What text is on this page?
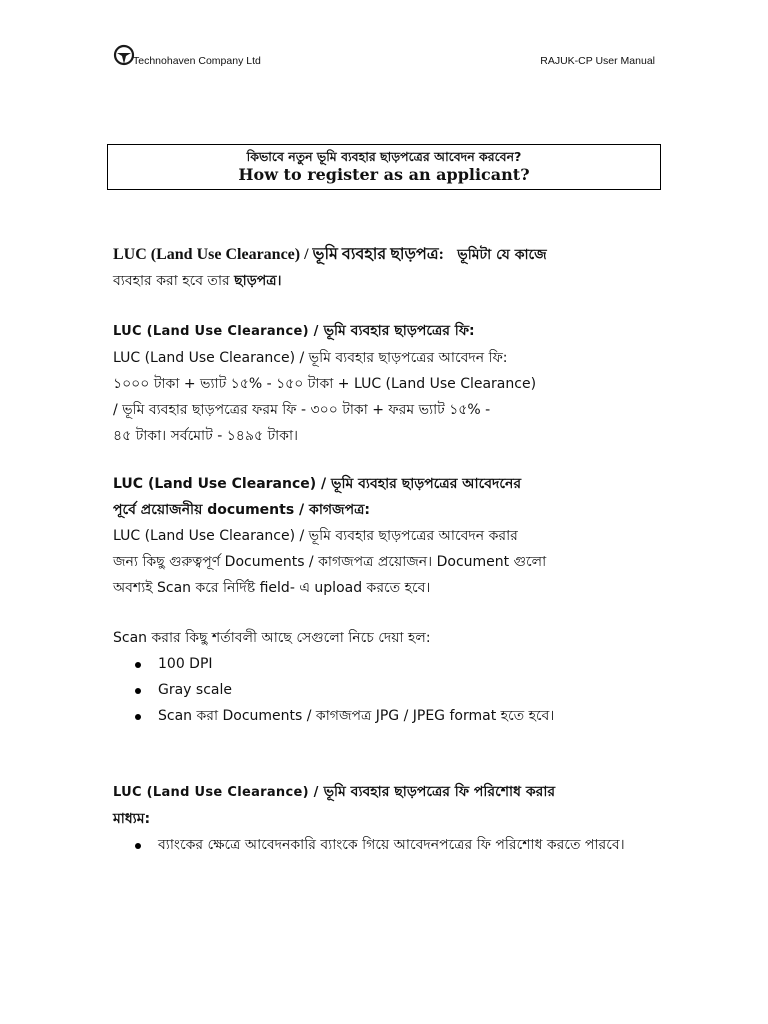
Technohaven Company Ltd	RAJUK-CP User Manual
কিভাবে নতুন ভূমি ব্যবহার ছাড়পত্রের আবেদন করবেন?
How to register as an applicant?

LUC (Land Use Clearance) / ভূমি ব্যবহার ছাড়পত্র: ভূমিটা যে কাজে

ব্যবহার করা হবে তার ছাড়পত্র।

LUC (Land Use Clearance) / ভূমি ব্যবহার ছাড়পত্রের ফি:

LUC (Land Use Clearance) / ভূমি ব্যবহার ছাড়পত্রের আবেদন ফি:

১০০০ টাকা + ভ্যাট ১৫% - ১৫০ টাকা + LUC (Land Use Clearance)

/ ভূমি ব্যবহার ছাড়পত্রের ফরম ফি - ৩০০ টাকা + ফরম ভ্যাট ১৫% -

৪৫ টাকা। সর্বমোট - ১৪৯৫ টাকা।

LUC (Land Use Clearance) / ভূমি ব্যবহার ছাড়পত্রের আবেদনের

পূর্বে প্রয়োজনীয় documents / কাগজপত্র:

LUC (Land Use Clearance) / ভূমি ব্যবহার ছাড়পত্রের আবেদন করার

জন্য কিছু গুরুত্বপূর্ণ Documents / কাগজপত্র প্রয়োজন। Document গুলো

অবশ্যই Scan করে নির্দিষ্ট field- এ upload করতে হবে।

Scan করার কিছু শর্তাবলী আছে সেগুলো নিচে দেয়া হল:

100 DPI
Gray scale
Scan করা Documents / কাগজপত্র JPG / JPEG format হতে হবে।

LUC (Land Use Clearance) / ভূমি ব্যবহার ছাড়পত্রের ফি পরিশোধ করার

মাধ্যম:

ব্যাংকের ক্ষেত্রে আবেদনকারি ব্যাংকে গিয়ে আবেদনপত্রের ফি পরিশোধ করতে পারবে।
